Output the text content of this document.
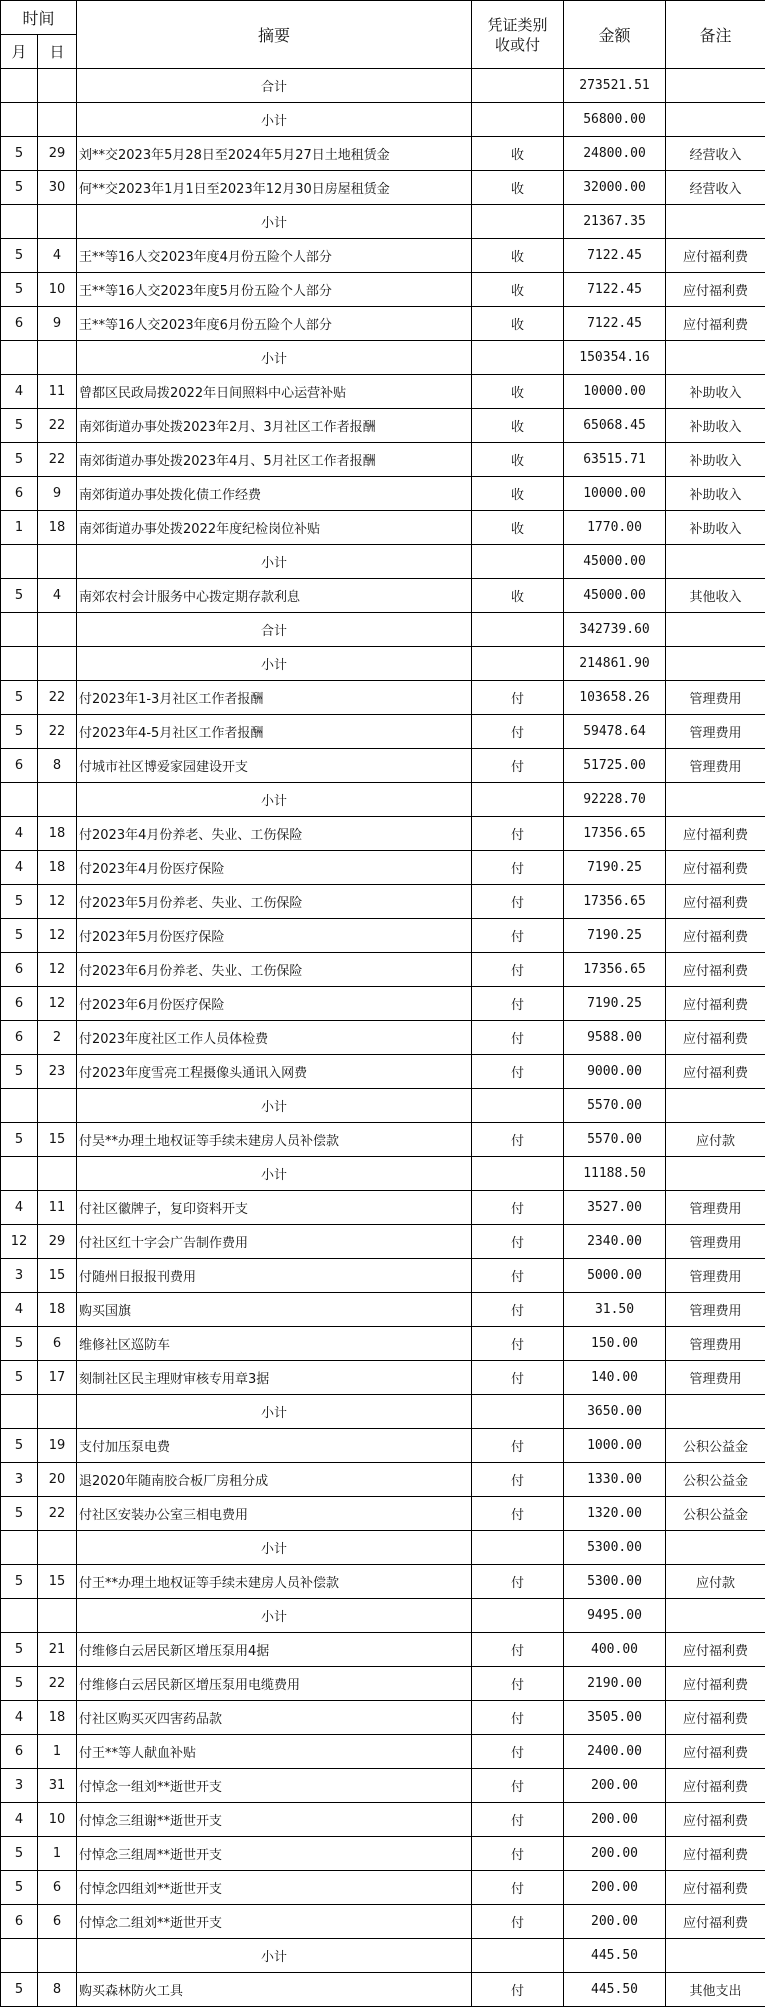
时间		摘要	凭证类别
收或付	金额	备注
月	日				
		合计		273521.51	
		小计		56800.00	
5	29	刘**交2023年5月28日至2024年5月27日土地租赁金	收	24800.00	经营收入
5	30	何**交2023年1月1日至2023年12月30日房屋租赁金	收	32000.00	经营收入
		小计		21367.35	
5	4	王**等16人交2023年度4月份五险个人部分	收	7122.45	应付福利费
5	10	王**等16人交2023年度5月份五险个人部分	收	7122.45	应付福利费
6	9	王**等16人交2023年度6月份五险个人部分	收	7122.45	应付福利费
		小计		150354.16	
4	11	曾都区民政局拨2022年日间照料中心运营补贴	收	10000.00	补助收入
5	22	南郊街道办事处拨2023年2月、3月社区工作者报酬	收	65068.45	补助收入
5	22	南郊街道办事处拨2023年4月、5月社区工作者报酬	收	63515.71	补助收入
6	9	南郊街道办事处拨化债工作经费	收	10000.00	补助收入
1	18	南郊街道办事处拨2022年度纪检岗位补贴	收	1770.00	补助收入
		小计		45000.00	
5	4	南郊农村会计服务中心拨定期存款利息	收	45000.00	其他收入
		合计		342739.60	
		小计		214861.90	
5	22	付2023年1-3月社区工作者报酬	付	103658.26	管理费用
5	22	付2023年4-5月社区工作者报酬	付	59478.64	管理费用
6	8	付城市社区博爱家园建设开支	付	51725.00	管理费用
		小计		92228.70	
4	18	付2023年4月份养老、失业、工伤保险	付	17356.65	应付福利费
4	18	付2023年4月份医疗保险	付	7190.25	应付福利费
5	12	付2023年5月份养老、失业、工伤保险	付	17356.65	应付福利费
5	12	付2023年5月份医疗保险	付	7190.25	应付福利费
6	12	付2023年6月份养老、失业、工伤保险	付	17356.65	应付福利费
6	12	付2023年6月份医疗保险	付	7190.25	应付福利费
6	2	付2023年度社区工作人员体检费	付	9588.00	应付福利费
5	23	付2023年度雪亮工程摄像头通讯入网费	付	9000.00	应付福利费
		小计		5570.00	
5	15	付吴**办理土地权证等手续未建房人员补偿款	付	5570.00	应付款
		小计		11188.50	
4	11	付社区徽牌子，复印资料开支	付	3527.00	管理费用
12	29	付社区红十字会广告制作费用	付	2340.00	管理费用
3	15	付随州日报报刊费用	付	5000.00	管理费用
4	18	购买国旗	付	31.50	管理费用
5	6	维修社区巡防车	付	150.00	管理费用
5	17	刻制社区民主理财审核专用章3据	付	140.00	管理费用
		小计		3650.00	
5	19	支付加压泵电费	付	1000.00	公积公益金
3	20	退2020年随南胶合板厂房租分成	付	1330.00	公积公益金
5	22	付社区安装办公室三相电费用	付	1320.00	公积公益金
		小计		5300.00	
5	15	付王**办理土地权证等手续未建房人员补偿款	付	5300.00	应付款
		小计		9495.00	
5	21	付维修白云居民新区增压泵用4据	付	400.00	应付福利费
5	22	付维修白云居民新区增压泵用电缆费用	付	2190.00	应付福利费
4	18	付社区购买灭四害药品款	付	3505.00	应付福利费
6	1	付王**等人献血补贴	付	2400.00	应付福利费
3	31	付悼念一组刘**逝世开支	付	200.00	应付福利费
4	10	付悼念三组谢**逝世开支	付	200.00	应付福利费
5	1	付悼念三组周**逝世开支	付	200.00	应付福利费
5	6	付悼念四组刘**逝世开支	付	200.00	应付福利费
6	6	付悼念二组刘**逝世开支	付	200.00	应付福利费
		小计		445.50	
5	8	购买森林防火工具	付	445.50	其他支出
